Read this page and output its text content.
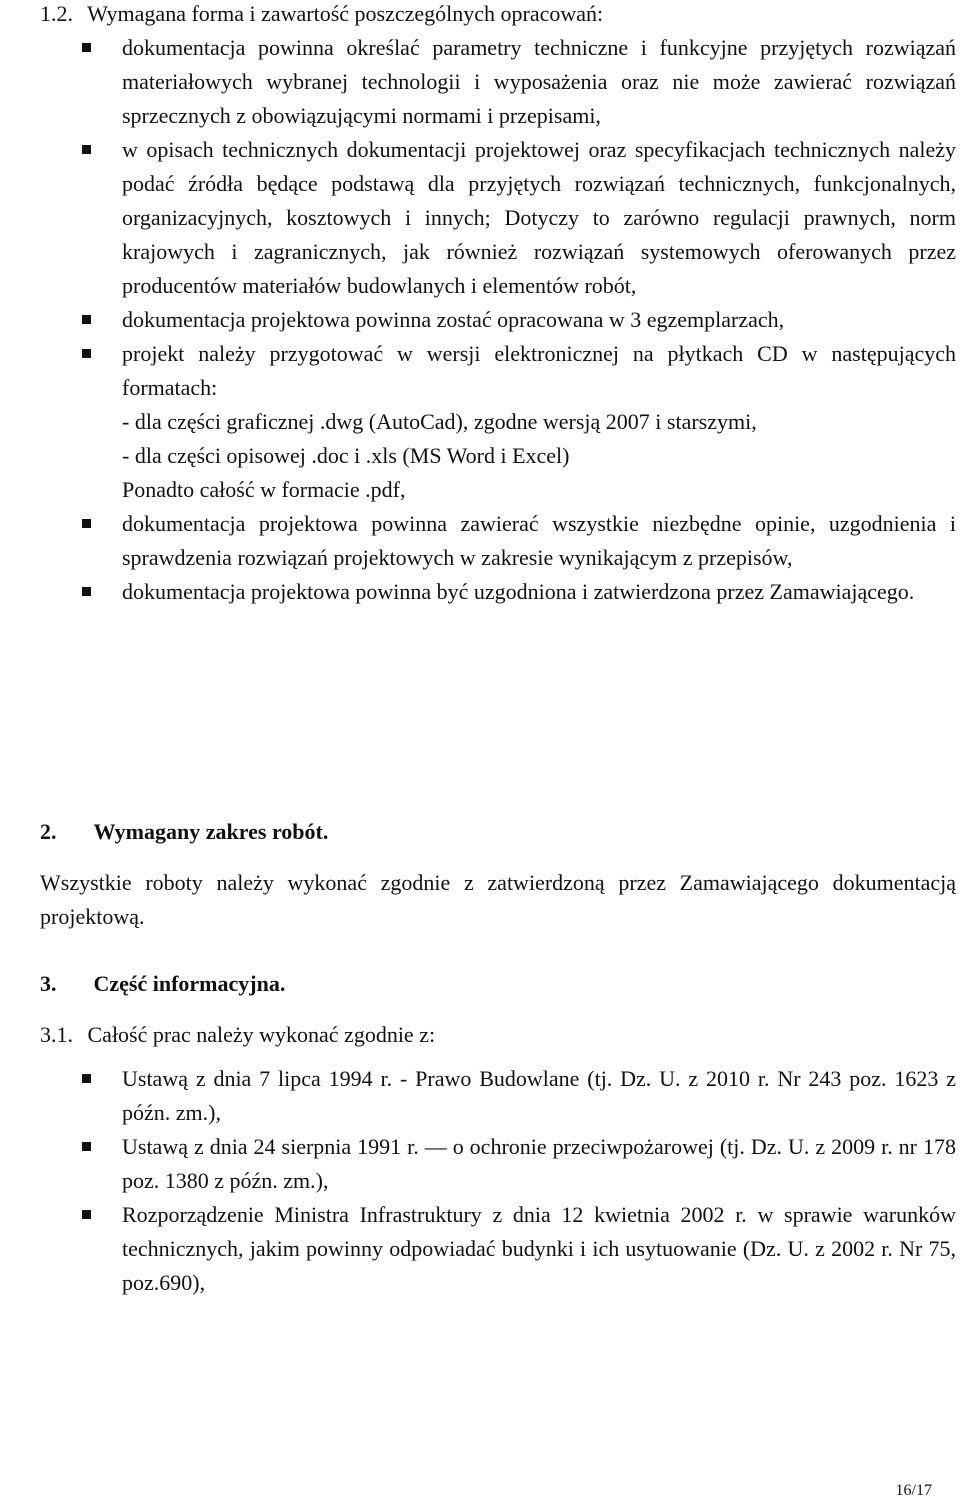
1.2. Wymagana forma i zawartość poszczególnych opracowań:
dokumentacja powinna określać parametry techniczne i funkcyjne przyjętych rozwiązań materiałowych wybranej technologii i wyposażenia oraz nie może zawierać rozwiązań sprzecznych z obowiązującymi normami i przepisami,
w opisach technicznych dokumentacji projektowej oraz specyfikacjach technicznych należy podać źródła będące podstawą dla przyjętych rozwiązań technicznych, funkcjonalnych, organizacyjnych, kosztowych i innych; Dotyczy to zarówno regulacji prawnych, norm krajowych i zagranicznych, jak również rozwiązań systemowych oferowanych przez producentów materiałów budowlanych i elementów robót,
dokumentacja projektowa powinna zostać opracowana w 3 egzemplarzach,
projekt należy przygotować w wersji elektronicznej na płytkach CD w następujących formatach:
- dla części graficznej .dwg (AutoCad), zgodne wersją 2007 i starszymi,
- dla części opisowej .doc i .xls (MS Word i Excel)
Ponadto całość w formacie .pdf,
dokumentacja projektowa powinna zawierać wszystkie niezbędne opinie, uzgodnienia i sprawdzenia rozwiązań projektowych w zakresie wynikającym z przepisów,
dokumentacja projektowa powinna być uzgodniona i zatwierdzona przez Zamawiającego.
2. Wymagany zakres robót.
Wszystkie roboty należy wykonać zgodnie z zatwierdzoną przez Zamawiającego dokumentacją projektową.
3. Część informacyjna.
3.1. Całość prac należy wykonać zgodnie z:
Ustawą z dnia 7 lipca 1994 r. - Prawo Budowlane (tj. Dz. U. z 2010 r. Nr 243 poz. 1623 z późn. zm.),
Ustawą z dnia 24 sierpnia 1991 r. — o ochronie przeciwpożarowej (tj. Dz. U. z 2009 r. nr 178 poz. 1380 z późn. zm.),
Rozporządzenie Ministra Infrastruktury z dnia 12 kwietnia 2002 r. w sprawie warunków technicznych, jakim powinny odpowiadać budynki i ich usytuowanie (Dz. U. z 2002 r. Nr 75, poz.690),
16/17
